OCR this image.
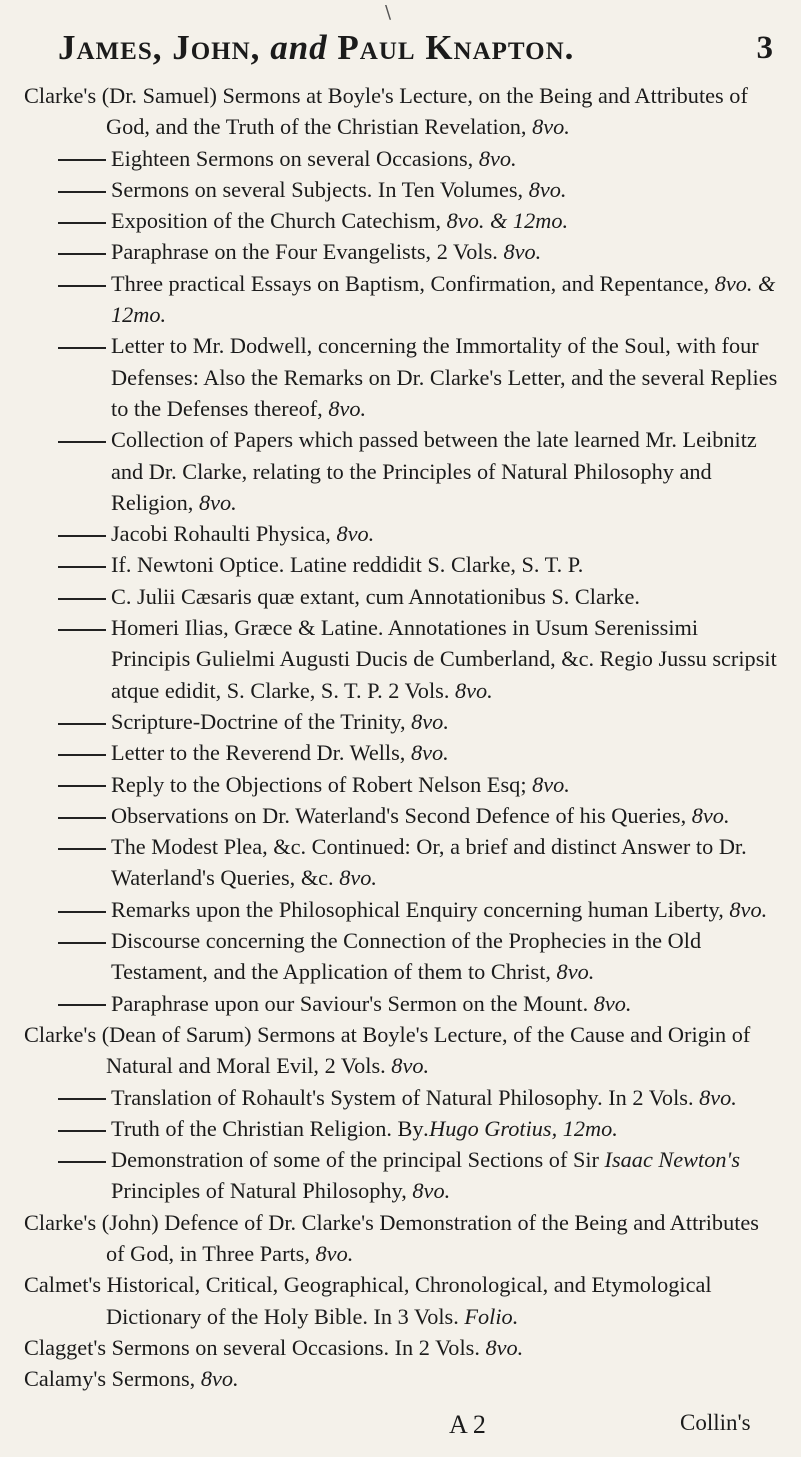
\
James, John, and Paul Knapton.	3
Clarke's (Dr. Samuel) Sermons at Boyle's Lecture, on the Being and Attributes of God, and the Truth of the Christian Revelation, 8vo.
Eighteen Sermons on several Occasions, 8vo.
Sermons on several Subjects. In Ten Volumes, 8vo.
Exposition of the Church Catechism, 8vo. & 12mo.
Paraphrase on the Four Evangelists, 2 Vols. 8vo.
Three practical Essays on Baptism, Confirmation, and Repentance, 8vo. & 12mo.
Letter to Mr. Dodwell, concerning the Immortality of the Soul, with four Defenses: Also the Remarks on Dr. Clarke's Letter, and the several Replies to the Defenses thereof, 8vo.
Collection of Papers which passed between the late learned Mr. Leibnitz and Dr. Clarke, relating to the Principles of Natural Philosophy and Religion, 8vo.
Jacobi Rohaulti Physica, 8vo.
If. Newtoni Optice. Latine reddidit S. Clarke, S. T. P.
C. Julii Cæsaris quæ extant, cum Annotationibus S. Clarke.
Homeri Ilias, Græce & Latine. Annotationes in Usum Serenissimi Principis Gulielmi Augusti Ducis de Cumberland, &c. Regio Jussu scripsit atque edidit, S. Clarke, S. T. P. 2 Vols. 8vo.
Scripture-Doctrine of the Trinity, 8vo.
Letter to the Reverend Dr. Wells, 8vo.
Reply to the Objections of Robert Nelson Esq; 8vo.
Observations on Dr. Waterland's Second Defence of his Queries, 8vo.
The Modest Plea, &c. Continued: Or, a brief and distinct Answer to Dr. Waterland's Queries, &c. 8vo.
Remarks upon the Philosophical Enquiry concerning human Liberty, 8vo.
Discourse concerning the Connection of the Prophecies in the Old Testament, and the Application of them to Christ, 8vo.
Paraphrase upon our Saviour's Sermon on the Mount. 8vo.
Clarke's (Dean of Sarum) Sermons at Boyle's Lecture, of the Cause and Origin of Natural and Moral Evil, 2 Vols. 8vo.
Translation of Rohault's System of Natural Philosophy. In 2 Vols. 8vo.
Truth of the Christian Religion. By.Hugo Grotius, 12mo.
Demonstration of some of the principal Sections of Sir Isaac Newton's Principles of Natural Philosophy, 8vo.
Clarke's (John) Defence of Dr. Clarke's Demonstration of the Being and Attributes of God, in Three Parts, 8vo.
Calmet's Historical, Critical, Geographical, Chronological, and Etymological Dictionary of the Holy Bible. In 3 Vols. Folio.
Clagget's Sermons on several Occasions. In 2 Vols. 8vo.
Calamy's Sermons, 8vo.
A 2	Collin's
